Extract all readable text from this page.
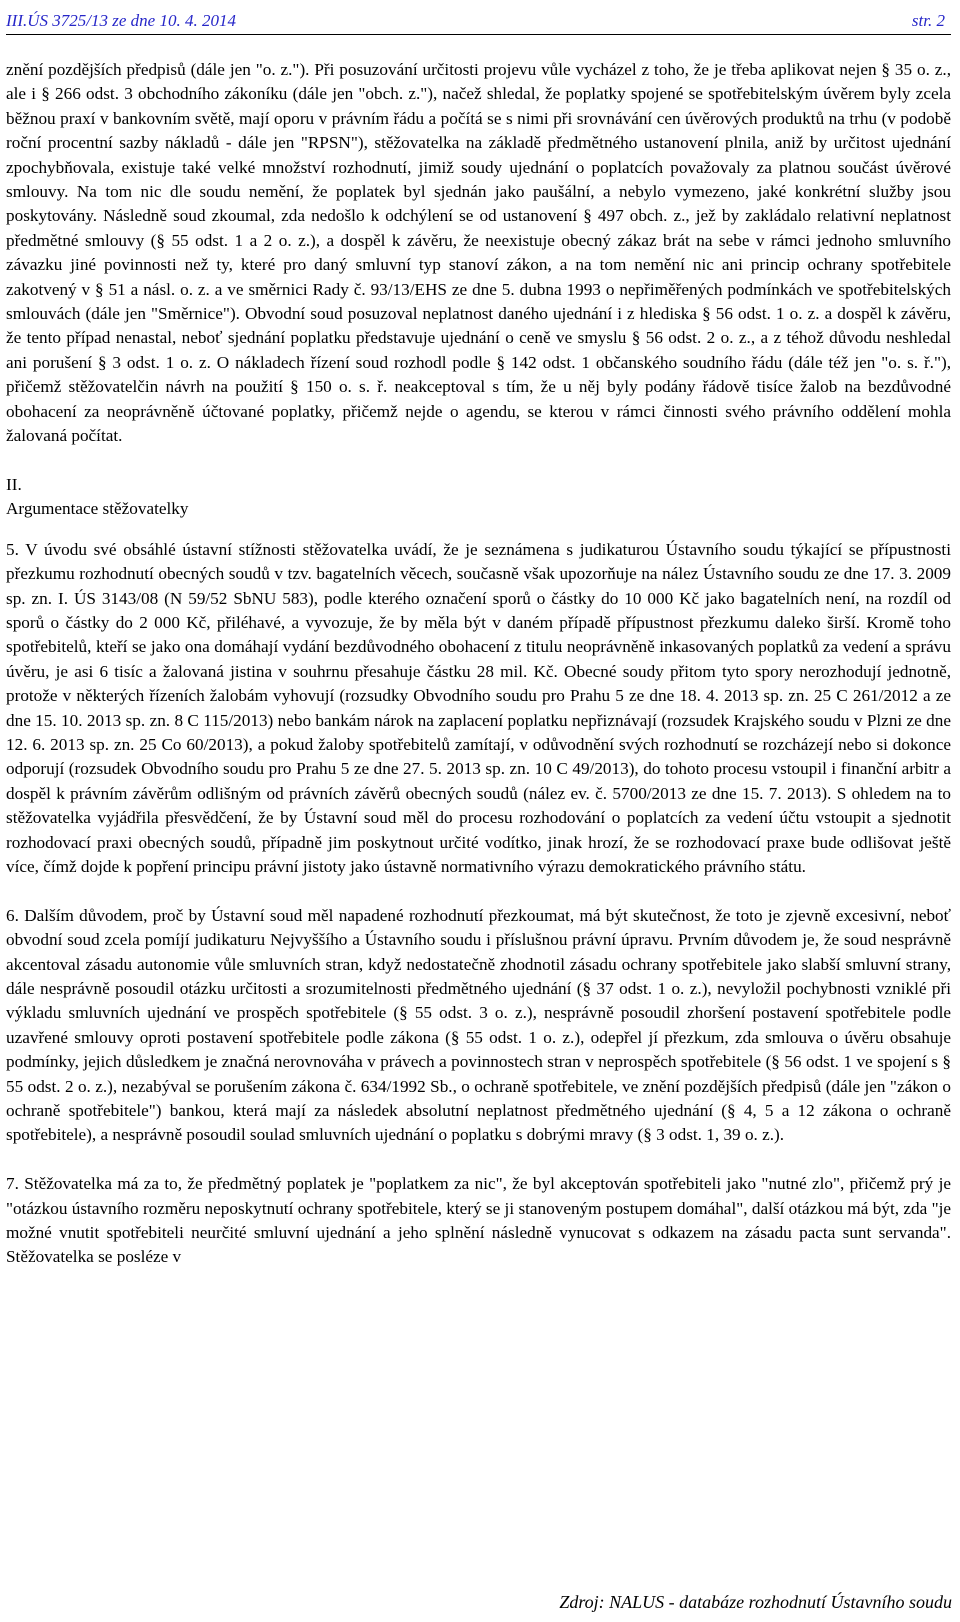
III.ÚS 3725/13 ze dne 10. 4. 2014	str. 2

znění pozdějších předpisů (dále jen "o. z."). Při posuzování určitosti projevu vůle vycházel z toho, že je třeba aplikovat nejen § 35 o. z., ale i § 266 odst. 3 obchodního zákoníku (dále jen "obch. z."), načež shledal, že poplatky spojené se spotřebitelským úvěrem byly zcela běžnou praxí v bankovním světě, mají oporu v právním řádu a počítá se s nimi při srovnávání cen úvěrových produktů na trhu (v podobě roční procentní sazby nákladů - dále jen "RPSN"), stěžovatelka na základě předmětného ustanovení plnila, aniž by určitost ujednání zpochybňovala, existuje také velké množství rozhodnutí, jimiž soudy ujednání o poplatcích považovaly za platnou součást úvěrové smlouvy. Na tom nic dle soudu nemění, že poplatek byl sjednán jako paušální, a nebylo vymezeno, jaké konkrétní služby jsou poskytovány. Následně soud zkoumal, zda nedošlo k odchýlení se od ustanovení § 497 obch. z., jež by zakládalo relativní neplatnost předmětné smlouvy (§ 55 odst. 1 a 2 o. z.), a dospěl k závěru, že neexistuje obecný zákaz brát na sebe v rámci jednoho smluvního závazku jiné povinnosti než ty, které pro daný smluvní typ stanoví zákon, a na tom nemění nic ani princip ochrany spotřebitele zakotvený v § 51 a násl. o. z. a ve směrnici Rady č. 93/13/EHS ze dne 5. dubna 1993 o nepřiměřených podmínkách ve spotřebitelských smlouvách (dále jen "Směrnice"). Obvodní soud posuzoval neplatnost daného ujednání i z hlediska § 56 odst. 1 o. z. a dospěl k závěru, že tento případ nenastal, neboť sjednání poplatku představuje ujednání o ceně ve smyslu § 56 odst. 2 o. z., a z téhož důvodu neshledal ani porušení § 3 odst. 1 o. z. O nákladech řízení soud rozhodl podle § 142 odst. 1 občanského soudního řádu (dále též jen "o. s. ř."), přičemž stěžovatelčin návrh na použití § 150 o. s. ř. neakceptoval s tím, že u něj byly podány řádově tisíce žalob na bezdůvodné obohacení za neoprávněně účtované poplatky, přičemž nejde o agendu, se kterou v rámci činnosti svého právního oddělení mohla žalovaná počítat.

II.
Argumentace stěžovatelky

5. V úvodu své obsáhlé ústavní stížnosti stěžovatelka uvádí, že je seznámena s judikaturou Ústavního soudu týkající se přípustnosti přezkumu rozhodnutí obecných soudů v tzv. bagatelních věcech, současně však upozorňuje na nález Ústavního soudu ze dne 17. 3. 2009 sp. zn. I. ÚS 3143/08 (N 59/52 SbNU 583), podle kterého označení sporů o částky do 10 000 Kč jako bagatelních není, na rozdíl od sporů o částky do 2 000 Kč, přiléhavé, a vyvozuje, že by měla být v daném případě přípustnost přezkumu daleko širší. Kromě toho spotřebitelů, kteří se jako ona domáhají vydání bezdůvodného obohacení z titulu neoprávněně inkasovaných poplatků za vedení a správu úvěru, je asi 6 tisíc a žalovaná jistina v souhrnu přesahuje částku 28 mil. Kč. Obecné soudy přitom tyto spory nerozhodují jednotně, protože v některých řízeních žalobám vyhovují (rozsudky Obvodního soudu pro Prahu 5 ze dne 18. 4. 2013 sp. zn. 25 C 261/2012 a ze dne 15. 10. 2013 sp. zn. 8 C 115/2013) nebo bankám nárok na zaplacení poplatku nepřiznávají (rozsudek Krajského soudu v Plzni ze dne 12. 6. 2013 sp. zn. 25 Co 60/2013), a pokud žaloby spotřebitelů zamítají, v odůvodnění svých rozhodnutí se rozcházejí nebo si dokonce odporují (rozsudek Obvodního soudu pro Prahu 5 ze dne 27. 5. 2013 sp. zn. 10 C 49/2013), do tohoto procesu vstoupil i finanční arbitr a dospěl k právním závěrům odlišným od právních závěrů obecných soudů (nález ev. č. 5700/2013 ze dne 15. 7. 2013). S ohledem na to stěžovatelka vyjádřila přesvědčení, že by Ústavní soud měl do procesu rozhodování o poplatcích za vedení účtu vstoupit a sjednotit rozhodovací praxi obecných soudů, případně jim poskytnout určité vodítko, jinak hrozí, že se rozhodovací praxe bude odlišovat ještě více, čímž dojde k popření principu právní jistoty jako ústavně normativního výrazu demokratického právního státu.

6. Dalším důvodem, proč by Ústavní soud měl napadené rozhodnutí přezkoumat, má být skutečnost, že toto je zjevně excesivní, neboť obvodní soud zcela pomíjí judikaturu Nejvyššího a Ústavního soudu i příslušnou právní úpravu. Prvním důvodem je, že soud nesprávně akcentoval zásadu autonomie vůle smluvních stran, když nedostatečně zhodnotil zásadu ochrany spotřebitele jako slabší smluvní strany, dále nesprávně posoudil otázku určitosti a srozumitelnosti předmětného ujednání (§ 37 odst. 1 o. z.), nevyložil pochybnosti vzniklé při výkladu smluvních ujednání ve prospěch spotřebitele (§ 55 odst. 3 o. z.), nesprávně posoudil zhoršení postavení spotřebitele podle uzavřené smlouvy oproti postavení spotřebitele podle zákona (§ 55 odst. 1 o. z.), odepřel jí přezkum, zda smlouva o úvěru obsahuje podmínky, jejich důsledkem je značná nerovnováha v právech a povinnostech stran v neprospěch spotřebitele (§ 56 odst. 1 ve spojení s § 55 odst. 2 o. z.), nezabýval se porušením zákona č. 634/1992 Sb., o ochraně spotřebitele, ve znění pozdějších předpisů (dále jen "zákon o ochraně spotřebitele") bankou, která mají za následek absolutní neplatnost předmětného ujednání (§ 4, 5 a 12 zákona o ochraně spotřebitele), a nesprávně posoudil soulad smluvních ujednání o poplatku s dobrými mravy (§ 3 odst. 1, 39 o. z.).

7. Stěžovatelka má za to, že předmětný poplatek je "poplatkem za nic", že byl akceptován spotřebiteli jako "nutné zlo", přičemž prý je "otázkou ústavního rozměru neposkytnutí ochrany spotřebitele, který se ji stanoveným postupem domáhal", další otázkou má být, zda "je možné vnutit spotřebiteli neurčité smluvní ujednání a jeho splnění následně vynucovat s odkazem na zásadu pacta sunt servanda". Stěžovatelka se posléze v

Zdroj: NALUS - databáze rozhodnutí Ústavního soudu
